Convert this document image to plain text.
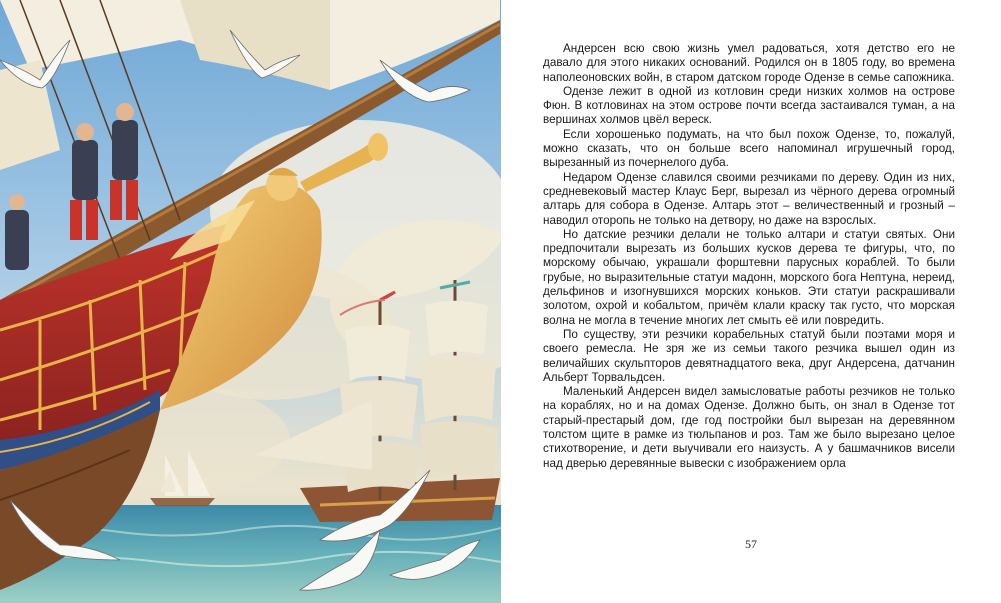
Андерсен всю свою жизнь умел радоваться, хотя детство его не давало для этого никаких оснований. Родился он в 1805 году, во времена наполеоновских войн, в старом датском городе Одензе в семье сапожника.

Одензе лежит в одной из котловин среди низких холмов на острове Фюн. В котловинах на этом острове почти всегда застаивался туман, а на вершинах холмов цвёл вереск.

Если хорошенько подумать, на что был похож Одензе, то, пожалуй, можно сказать, что он больше всего напоминал игрушечный город, вырезанный из почернелого дуба.

Недаром Одензе славился своими резчиками по дереву. Один из них, средневековый мастер Клаус Берг, вырезал из чёрного дерева огромный алтарь для собора в Одензе. Алтарь этот – величественный и грозный – наводил оторопь не только на детвору, но даже на взрослых.

Но датские резчики делали не только алтари и статуи святых. Они предпочитали вырезать из больших кусков дерева те фигуры, что, по морскому обычаю, украшали форштевни парусных кораблей. То были грубые, но выразительные статуи мадонн, морского бога Нептуна, нереид, дельфинов и изогнувшихся морских коньков. Эти статуи раскрашивали золотом, охрой и кобальтом, причём клали краску так густо, что морская волна не могла в течение многих лет смыть её или повредить.

По существу, эти резчики корабельных статуй были поэтами моря и своего ремесла. Не зря же из семьи такого резчика вышел один из величайших скульпторов девятнадцатого века, друг Андерсена, датчанин Альберт Торвальдсен.

Маленький Андерсен видел замысловатые работы резчиков не только на кораблях, но и на домах Одензе. Должно быть, он знал в Одензе тот старый-престарый дом, где год постройки был вырезан на деревянном толстом щите в рамке из тюльпанов и роз. Там же было вырезано целое стихотворение, и дети выучивали его наизусть. А у башмачников висели над дверью деревянные вывески с изображением орла

57
